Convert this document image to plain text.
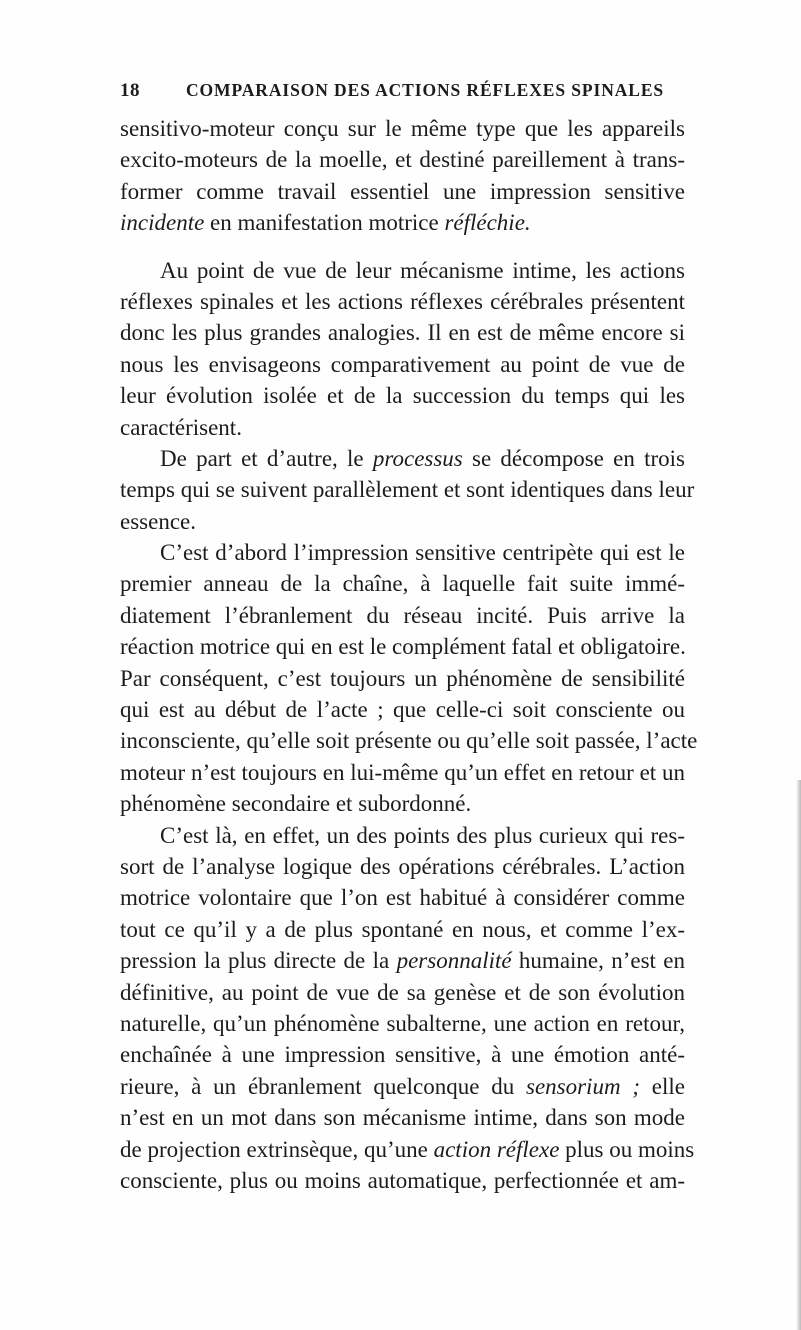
18	COMPARAISON DES ACTIONS RÉFLEXES SPINALES
sensitivo-moteur conçu sur le même type que les appareils
excito-moteurs de la moelle, et destiné pareillement à trans-
former comme travail essentiel une impression sensitive
incidente en manifestation motrice réfléchie.
Au point de vue de leur mécanisme intime, les actions
réflexes spinales et les actions réflexes cérébrales présentent
donc les plus grandes analogies. Il en est de même encore si
nous les envisageons comparativement au point de vue de
leur évolution isolée et de la succession du temps qui les
caractérisent.
De part et d’autre, le processus se décompose en trois
temps qui se suivent parallèlement et sont identiques dans leur
essence.
C’est d’abord l’impression sensitive centripète qui est le
premier anneau de la chaîne, à laquelle fait suite immé-
diatement l’ébranlement du réseau incité. Puis arrive la
réaction motrice qui en est le complément fatal et obligatoire.
Par conséquent, c’est toujours un phénomène de sensibilité
qui est au début de l’acte ; que celle-ci soit consciente ou
inconsciente, qu’elle soit présente ou qu’elle soit passée, l’acte
moteur n’est toujours en lui-même qu’un effet en retour et un
phénomène secondaire et subordonné.
C’est là, en effet, un des points des plus curieux qui res-
sort de l’analyse logique des opérations cérébrales. L’action
motrice volontaire que l’on est habitué à considérer comme
tout ce qu’il y a de plus spontané en nous, et comme l’ex-
pression la plus directe de la personnalité humaine, n’est en
définitive, au point de vue de sa genèse et de son évolution
naturelle, qu’un phénomène subalterne, une action en retour,
enchaînée à une impression sensitive, à une émotion anté-
rieure, à un ébranlement quelconque du sensorium ; elle
n’est en un mot dans son mécanisme intime, dans son mode
de projection extrinsèque, qu’une action réflexe plus ou moins
consciente, plus ou moins automatique, perfectionnée et am-
